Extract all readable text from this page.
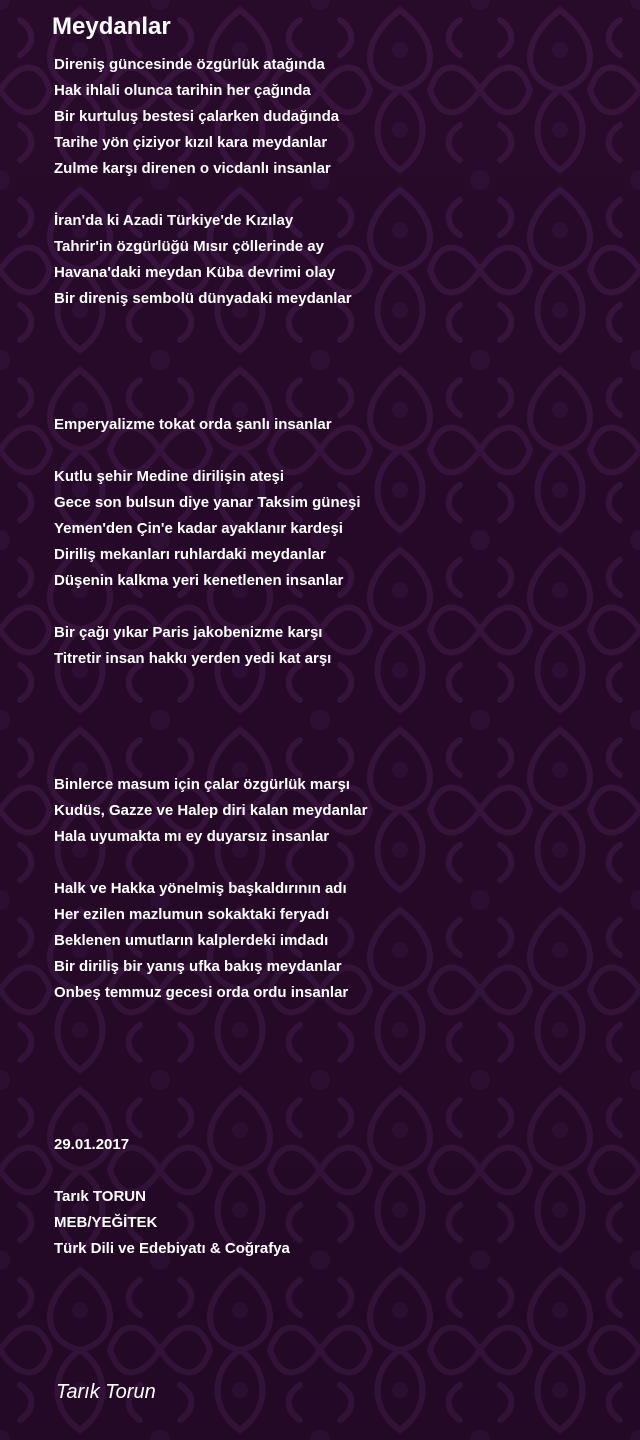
Meydanlar

Direniş güncesinde özgürlük atağında

Hak ihlali olunca tarihin her çağında

Bir kurtuluş bestesi çalarken dudağında

Tarihe yön çiziyor kızıl kara meydanlar

Zulme karşı direnen o vicdanlı insanlar

İran'da ki Azadi Türkiye'de Kızılay

Tahrir'in özgürlüğü Mısır çöllerinde ay

Havana'daki meydan Küba devrimi olay

Bir direniş sembolü dünyadaki meydanlar

Emperyalizme tokat orda şanlı insanlar

Kutlu şehir Medine dirilişin ateşi

Gece son bulsun diye yanar Taksim güneşi

Yemen'den Çin'e kadar ayaklanır kardeşi

Diriliş mekanları ruhlardaki meydanlar

Düşenin kalkma yeri kenetlenen insanlar

Bir çağı yıkar Paris jakobenizme karşı

Titretir insan hakkı yerden yedi kat arşı

Binlerce masum için çalar özgürlük marşı

Kudüs, Gazze ve Halep diri kalan meydanlar

Hala uyumakta mı ey duyarsız insanlar

Halk ve Hakka yönelmiş başkaldırının adı

Her ezilen mazlumun sokaktaki feryadı

Beklenen umutların kalplerdeki imdadı

Bir diriliş bir yanış ufka bakış meydanlar

Onbeş temmuz gecesi orda ordu insanlar

29.01.2017

Tarık TORUN

MEB/YEĞİTEK

Türk Dili ve Edebiyatı & Coğrafya

Tarık Torun
